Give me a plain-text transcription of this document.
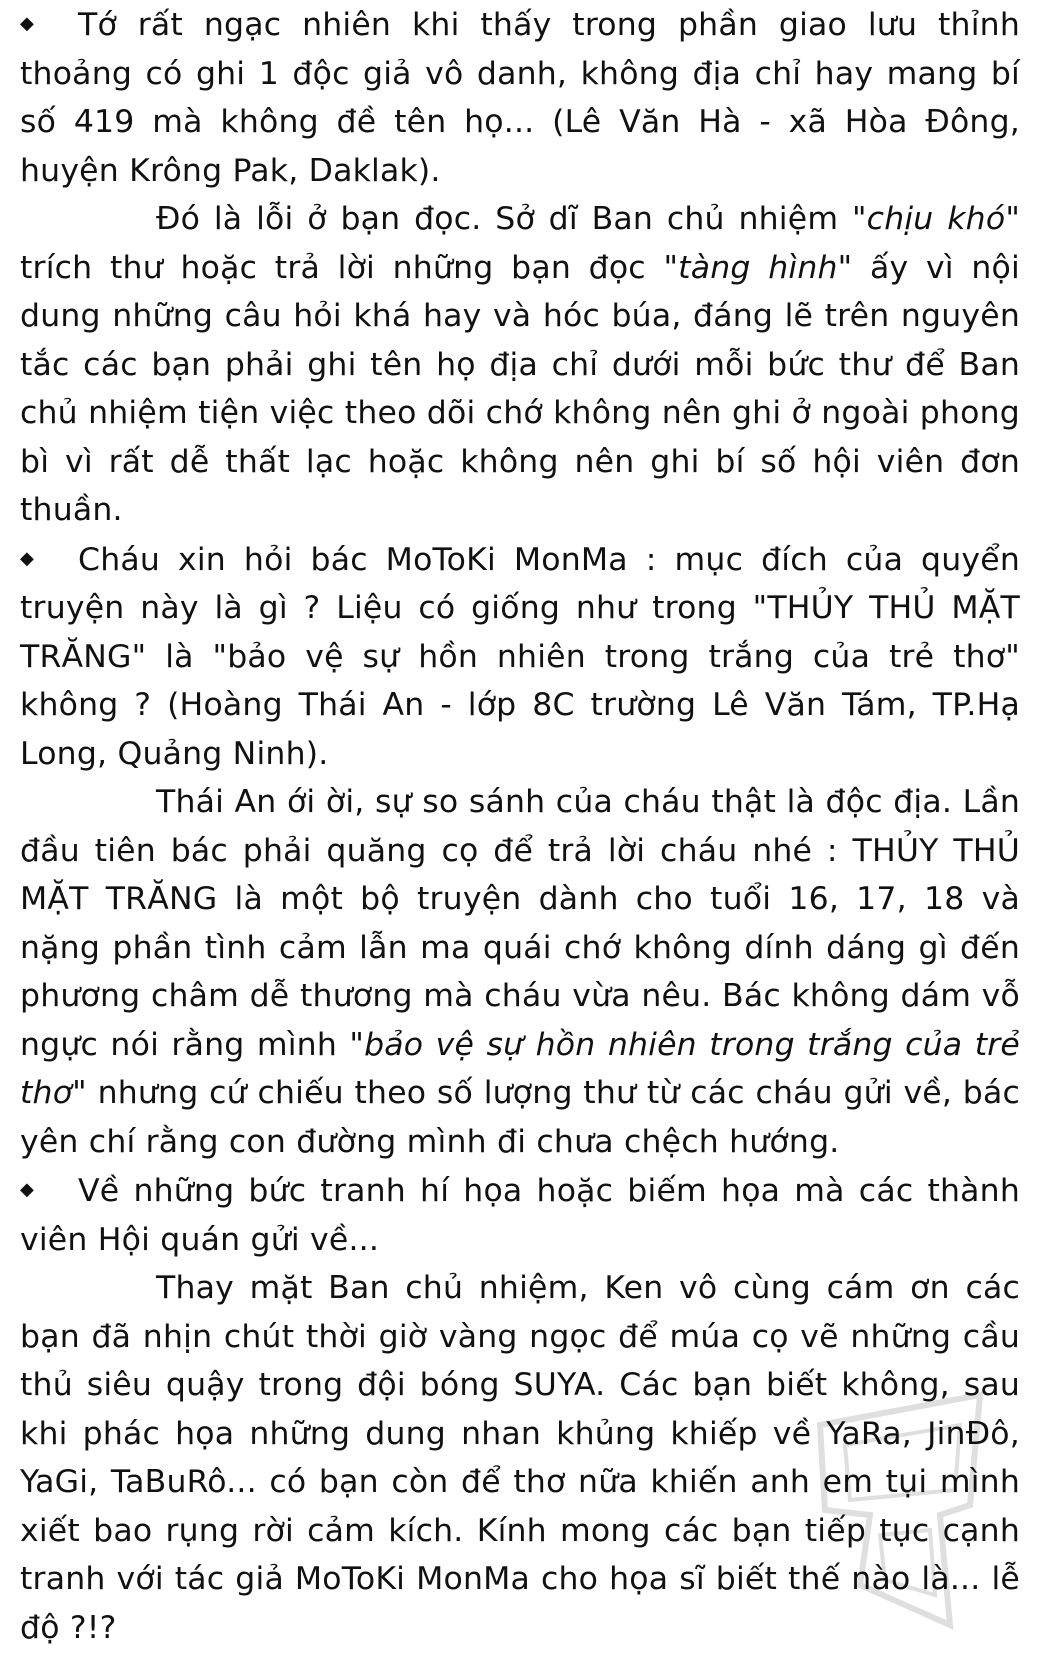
◆ Tớ rất ngạc nhiên khi thấy trong phần giao lưu thỉnh thoảng có ghi 1 độc giả vô danh, không địa chỉ hay mang bí số 419 mà không đề tên họ... (Lê Văn Hà - xã Hòa Đông, huyện Krông Pak, Daklak).

Đó là lỗi ở bạn đọc. Sở dĩ Ban chủ nhiệm "chịu khó" trích thư hoặc trả lời những bạn đọc "tàng hình" ấy vì nội dung những câu hỏi khá hay và hóc búa, đáng lẽ trên nguyên tắc các bạn phải ghi tên họ địa chỉ dưới mỗi bức thư để Ban chủ nhiệm tiện việc theo dõi chớ không nên ghi ở ngoài phong bì vì rất dễ thất lạc hoặc không nên ghi bí số hội viên đơn thuần.

◆ Cháu xin hỏi bác MoToKi MonMa : mục đích của quyển truyện này là gì ? Liệu có giống như trong "THỦY THỦ MẶT TRĂNG" là "bảo vệ sự hồn nhiên trong trắng của trẻ thơ" không ? (Hoàng Thái An - lớp 8C trường Lê Văn Tám, TP.Hạ Long, Quảng Ninh).

Thái An ới ời, sự so sánh của cháu thật là độc địa. Lần đầu tiên bác phải quăng cọ để trả lời cháu nhé : THỦY THỦ MẶT TRĂNG là một bộ truyện dành cho tuổi 16, 17, 18 và nặng phần tình cảm lẫn ma quái chớ không dính dáng gì đến phương châm dễ thương mà cháu vừa nêu. Bác không dám vỗ ngực nói rằng mình "bảo vệ sự hồn nhiên trong trắng của trẻ thơ" nhưng cứ chiếu theo số lượng thư từ các cháu gửi về, bác yên chí rằng con đường mình đi chưa chệch hướng.

◆ Về những bức tranh hí họa hoặc biếm họa mà các thành viên Hội quán gửi về...

Thay mặt Ban chủ nhiệm, Ken vô cùng cám ơn các bạn đã nhịn chút thời giờ vàng ngọc để múa cọ vẽ những cầu thủ siêu quậy trong đội bóng SUYA. Các bạn biết không, sau khi phác họa những dung nhan khủng khiếp về YaRa, JinĐô, YaGi, TaBuRô... có bạn còn để thơ nữa khiến anh em tụi mình xiết bao rụng rời cảm kích. Kính mong các bạn tiếp tục cạnh tranh với tác giả MoToKi MonMa cho họa sĩ biết thế nào là... lễ độ ?!?
